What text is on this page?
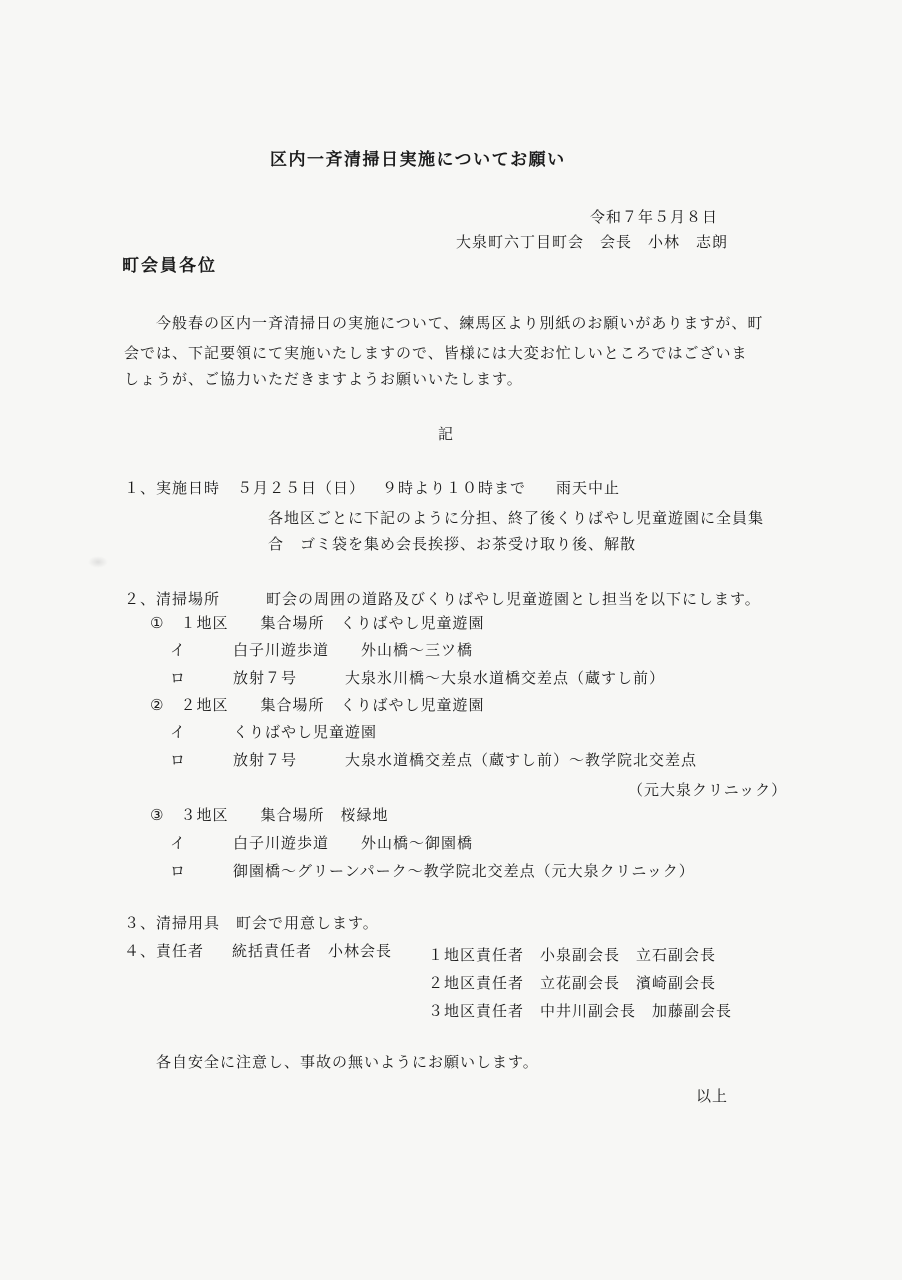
区内一斉清掃日実施についてお願い
令和７年５月８日
大泉町六丁目町会　会長　小林　志朗
町会員各位
今般春の区内一斉清掃日の実施について、練馬区より別紙のお願いがありますが、町
会では、下記要領にて実施いたしますので、皆様には大変お忙しいところではございま
しょうが、ご協力いただきますようお願いいたします。
記
１、実施日時 ５月２５日（日） ９時より１０時まで 雨天中止
各地区ごとに下記のように分担、終了後くりばやし児童遊園に全員集
合　ゴミ袋を集め会長挨拶、お茶受け取り後、解散
２、清掃場所	町会の周囲の道路及びくりばやし児童遊園とし担当を以下にします。
①　１地区　　集合場所　くりばやし児童遊園
イ	白子川遊歩道　　外山橋～三ツ橋
ロ	放射７号　　　大泉氷川橋～大泉水道橋交差点（蔵すし前）
②　２地区　　集合場所　くりばやし児童遊園
イ	くりばやし児童遊園
ロ	放射７号　　　大泉水道橋交差点（蔵すし前）～教学院北交差点
（元大泉クリニック）
③　３地区　　集合場所　桜緑地
イ	白子川遊歩道　　外山橋～御園橋
ロ	御園橋～グリーンパーク～教学院北交差点（元大泉クリニック）
３、清掃用具　町会で用意します。
４、責任者 統括責任者　小林会長 １地区責任者　小泉副会長　立石副会長
２地区責任者　立花副会長　濱崎副会長
３地区責任者　中井川副会長　加藤副会長
各自安全に注意し、事故の無いようにお願いします。
以上
